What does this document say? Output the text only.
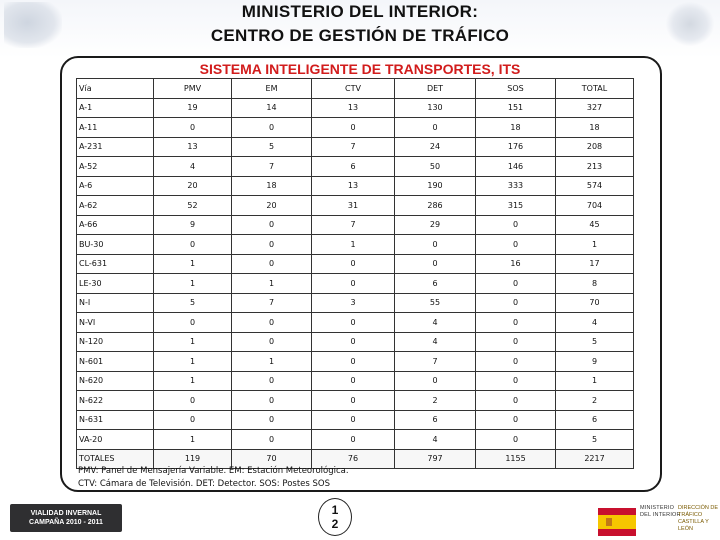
MINISTERIO DEL INTERIOR:
CENTRO DE GESTIÓN DE TRÁFICO
SISTEMA INTELIGENTE DE TRANSPORTES, ITS
Vía	PMV	EM	CTV	DET	SOS	TOTAL
A-1	19	14	13	130	151	327
A-11	0	0	0	0	18	18
A-231	13	5	7	24	176	208
A-52	4	7	6	50	146	213
A-6	20	18	13	190	333	574
A-62	52	20	31	286	315	704
A-66	9	0	7	29	0	45
BU-30	0	0	1	0	0	1
CL-631	1	0	0	0	16	17
LE-30	1	1	0	6	0	8
N-I	5	7	3	55	0	70
N-VI	0	0	0	4	0	4
N-120	1	0	0	4	0	5
N-601	1	1	0	7	0	9
N-620	1	0	0	0	0	1
N-622	0	0	0	2	0	2
N-631	0	0	0	6	0	6
VA-20	1	0	0	4	0	5
TOTALES	119	70	76	797	1155	2217
PMV: Panel de Mensajería Variable. EM: Estación Meteorológica.
CTV: Cámara de Televisión. DET: Detector. SOS: Postes SOS
VIALIDAD INVERNAL
CAMPAÑA 2010 - 2011
1
2
MINISTERIO
DEL INTERIOR
DIRECCIÓN DE
TRÁFICO
CASTILLA Y LEÓN
